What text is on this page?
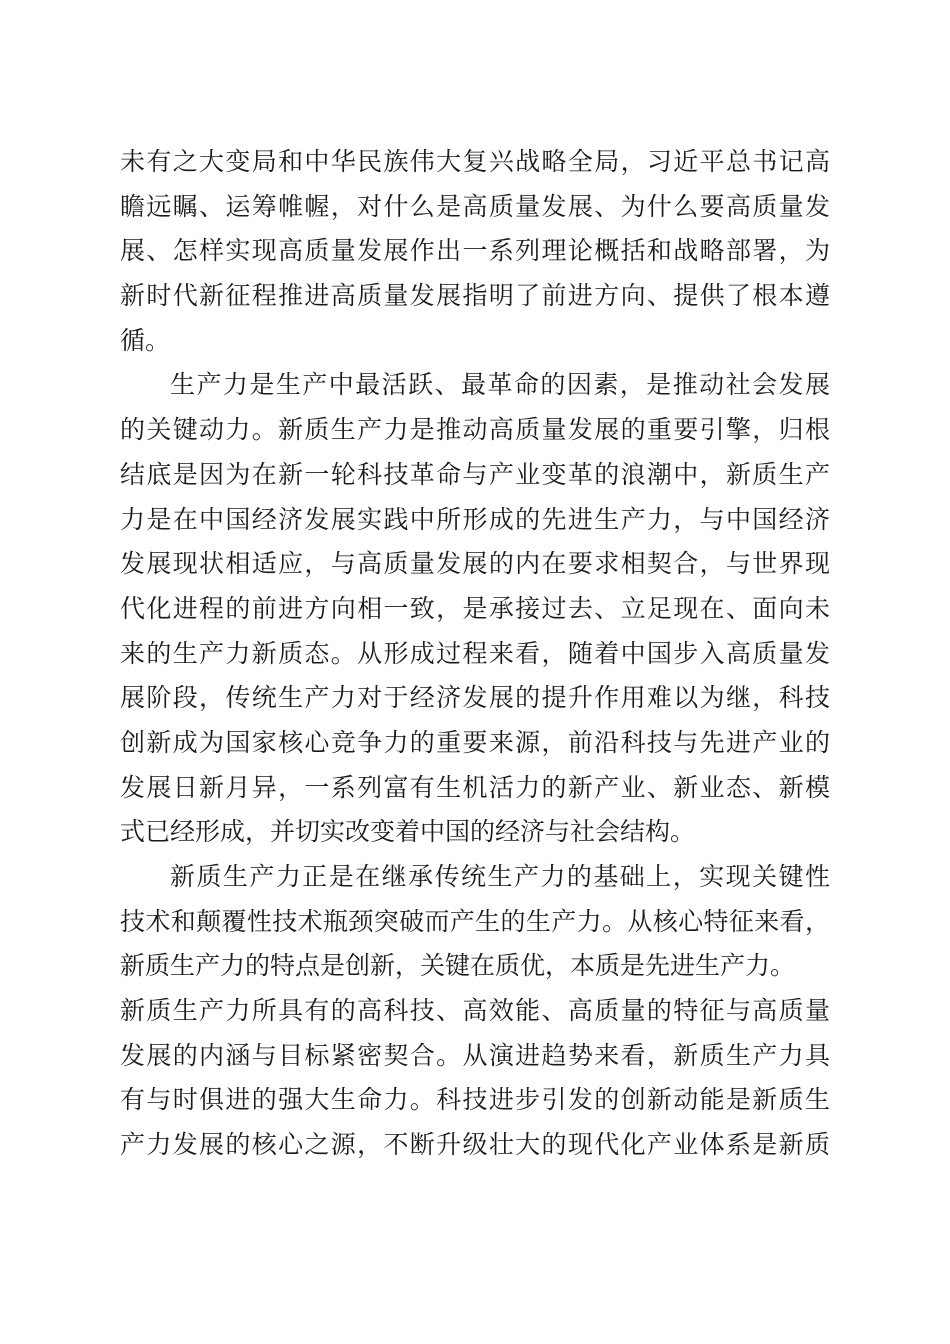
未有之大变局和中华民族伟大复兴战略全局，习近平总书记高
瞻远瞩、运筹帷幄，对什么是高质量发展、为什么要高质量发
展、怎样实现高质量发展作出一系列理论概括和战略部署，为
新时代新征程推进高质量发展指明了前进方向、提供了根本遵
循。
生产力是生产中最活跃、最革命的因素，是推动社会发展
的关键动力。新质生产力是推动高质量发展的重要引擎，归根
结底是因为在新一轮科技革命与产业变革的浪潮中，新质生产
力是在中国经济发展实践中所形成的先进生产力，与中国经济
发展现状相适应，与高质量发展的内在要求相契合，与世界现
代化进程的前进方向相一致，是承接过去、立足现在、面向未
来的生产力新质态。从形成过程来看，随着中国步入高质量发
展阶段，传统生产力对于经济发展的提升作用难以为继，科技
创新成为国家核心竞争力的重要来源，前沿科技与先进产业的
发展日新月异，一系列富有生机活力的新产业、新业态、新模
式已经形成，并切实改变着中国的经济与社会结构。
新质生产力正是在继承传统生产力的基础上，实现关键性
技术和颠覆性技术瓶颈突破而产生的生产力。从核心特征来看，
新质生产力的特点是创新，关键在质优，本质是先进生产力。
新质生产力所具有的高科技、高效能、高质量的特征与高质量
发展的内涵与目标紧密契合。从演进趋势来看，新质生产力具
有与时俱进的强大生命力。科技进步引发的创新动能是新质生
产力发展的核心之源，不断升级壮大的现代化产业体系是新质
